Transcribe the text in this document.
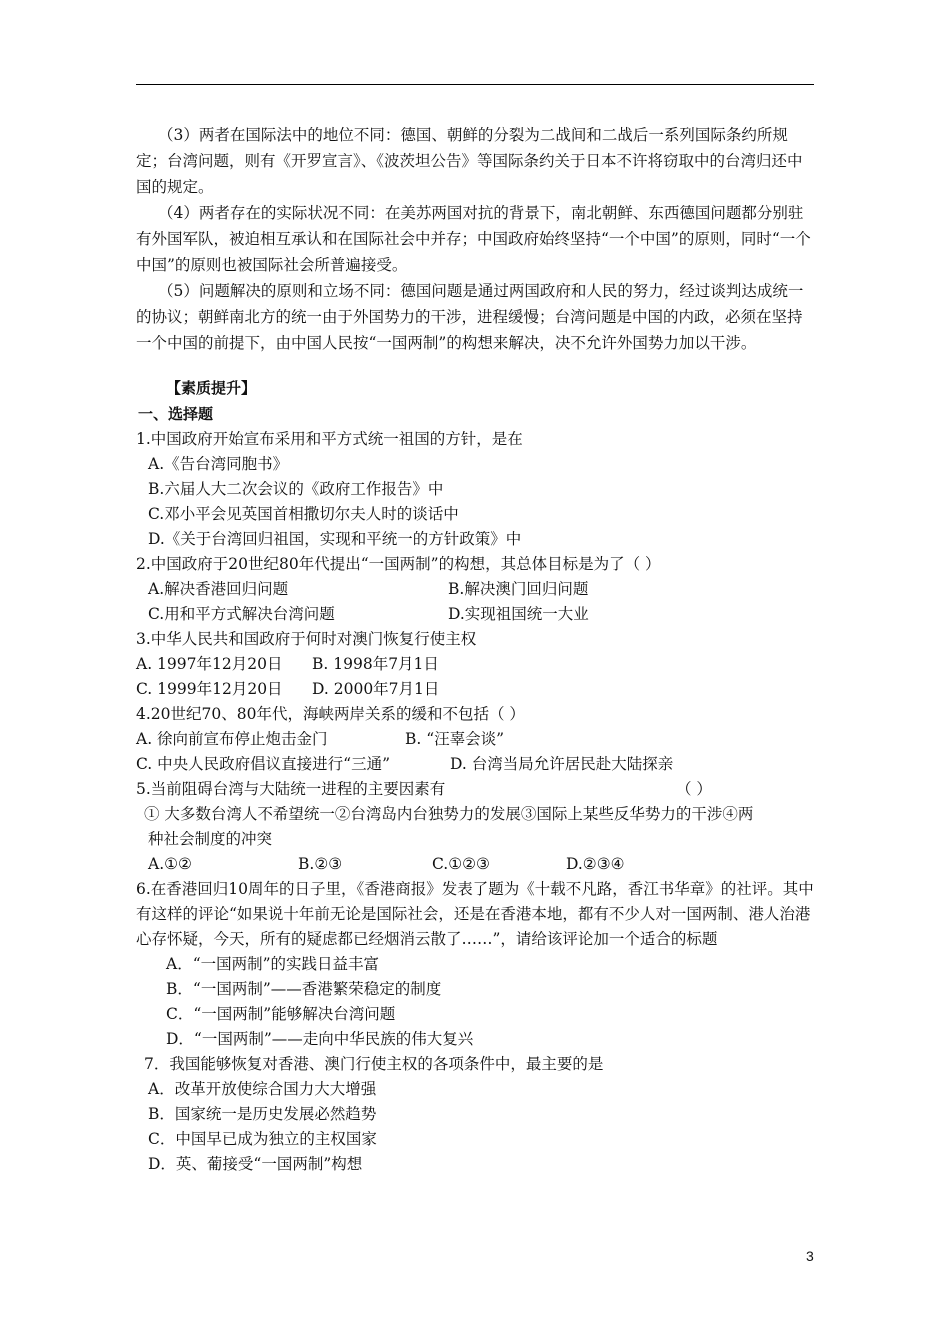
（3）两者在国际法中的地位不同：德国、朝鲜的分裂为二战间和二战后一系列国际条约所规定；台湾问题，则有《开罗宣言》、《波茨坦公告》等国际条约关于日本不许将窃取中的台湾归还中国的规定。

（4）两者存在的实际状况不同：在美苏两国对抗的背景下，南北朝鲜、东西德国问题都分别驻有外国军队，被迫相互承认和在国际社会中并存；中国政府始终坚持“一个中国”的原则，同时“一个中国”的原则也被国际社会所普遍接受。

（5）问题解决的原则和立场不同：德国问题是通过两国政府和人民的努力，经过谈判达成统一的协议；朝鲜南北方的统一由于外国势力的干涉，进程缓慢；台湾问题是中国的内政，必须在坚持一个中国的前提下，由中国人民按“一国两制”的构想来解决，决不允许外国势力加以干涉。

【素质提升】

一、选择题

1.中国政府开始宣布采用和平方式统一祖国的方针，是在

A.《告台湾同胞书》

B.六届人大二次会议的《政府工作报告》中

C.邓小平会见英国首相撒切尔夫人时的谈话中

D.《关于台湾回归祖国，实现和平统一的方针政策》中

2.中国政府于20世纪80年代提出“一国两制”的构想，其总体目标是为了（ ）

A.解决香港回归问题	B.解决澳门回归问题
C.用和平方式解决台湾问题	D.实现祖国统一大业

3.中华人民共和国政府于何时对澳门恢复行使主权

A. 1997年12月20日	B. 1998年7月1日
C. 1999年12月20日	D. 2000年7月1日

4.20世纪70、80年代，海峡两岸关系的缓和不包括（ ）

A. 徐向前宣布停止炮击金门	B. “汪辜会谈”
C. 中央人民政府倡议直接进行“三通”	D. 台湾当局允许居民赴大陆探亲
5.当前阻碍台湾与大陆统一进程的主要因素有	（ ）

① 大多数台湾人不希望统一②台湾岛内台独势力的发展③国际上某些反华势力的干涉④两

种社会制度的冲突

A.①②	B.②③	C.①②③	D.②③④

6.在香港回归10周年的日子里，《香港商报》发表了题为《十载不凡路，香江书华章》的社评。其中有这样的评论“如果说十年前无论是国际社会，还是在香港本地，都有不少人对一国两制、港人治港心存怀疑，今天，所有的疑虑都已经烟消云散了……”，请给该评论加一个适合的标题

A．“一国两制”的实践日益丰富

B．“一国两制”——香港繁荣稳定的制度

C．“一国两制”能够解决台湾问题

D．“一国两制”——走向中华民族的伟大复兴

7．我国能够恢复对香港、澳门行使主权的各项条件中，最主要的是

A．改革开放使综合国力大大增强

B．国家统一是历史发展必然趋势

C．中国早已成为独立的主权国家

D．英、葡接受“一国两制”构想

3
